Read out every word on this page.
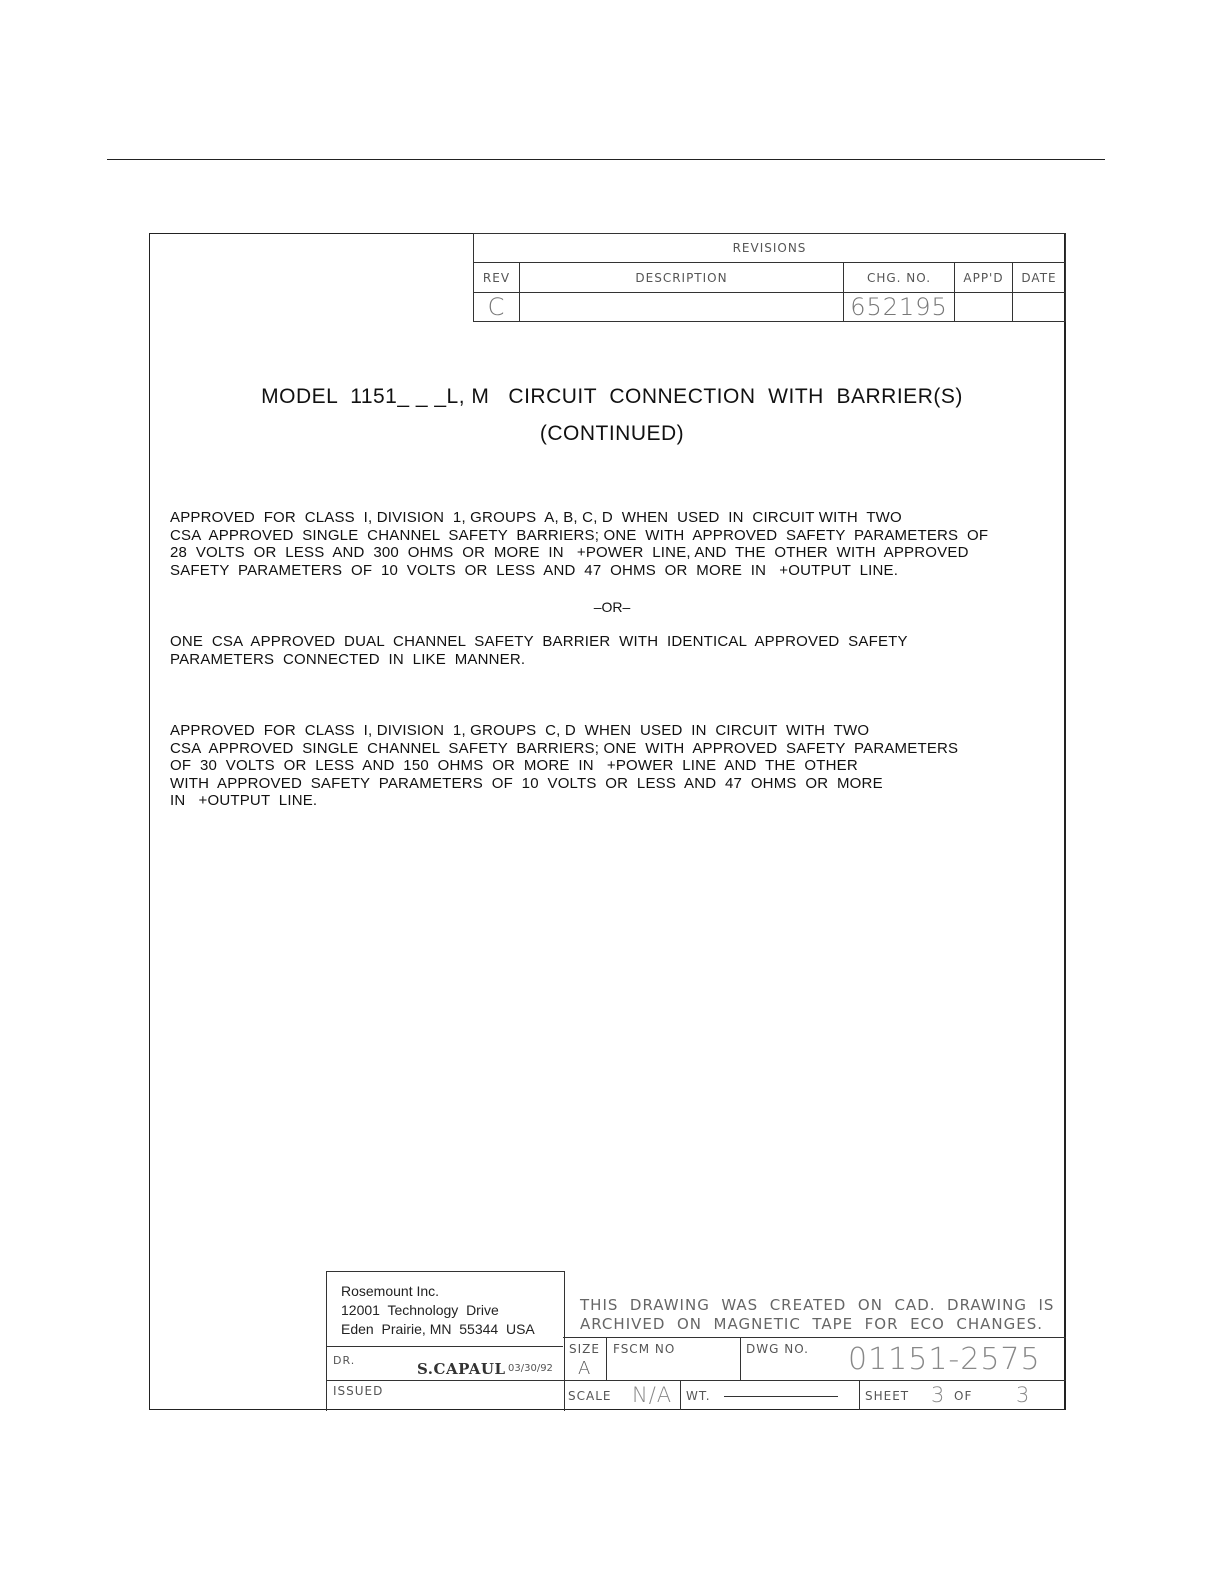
REVISIONS				
REV	DESCRIPTION	CHG. NO.	APP'D	DATE
C		652195		
MODEL  1151_ _ _L, M   CIRCUIT  CONNECTION  WITH  BARRIER(S)
(CONTINUED)
APPROVED  FOR  CLASS  I, DIVISION  1, GROUPS  A, B, C, D  WHEN  USED  IN  CIRCUIT WITH  TWO
CSA  APPROVED  SINGLE  CHANNEL  SAFETY  BARRIERS; ONE  WITH  APPROVED  SAFETY  PARAMETERS  OF
28  VOLTS  OR  LESS  AND  300  OHMS  OR  MORE  IN   +POWER  LINE, AND  THE  OTHER  WITH  APPROVED
SAFETY  PARAMETERS  OF  10  VOLTS  OR  LESS  AND  47  OHMS  OR  MORE  IN   +OUTPUT  LINE.
–OR–
ONE  CSA  APPROVED  DUAL  CHANNEL  SAFETY  BARRIER  WITH  IDENTICAL  APPROVED  SAFETY
PARAMETERS  CONNECTED  IN  LIKE  MANNER.
APPROVED  FOR  CLASS  I, DIVISION  1, GROUPS  C, D  WHEN  USED  IN  CIRCUIT  WITH  TWO
CSA  APPROVED  SINGLE  CHANNEL  SAFETY  BARRIERS; ONE  WITH  APPROVED  SAFETY  PARAMETERS
OF  30  VOLTS  OR  LESS  AND  150  OHMS  OR  MORE  IN   +POWER  LINE  AND  THE  OTHER
WITH  APPROVED  SAFETY  PARAMETERS  OF  10  VOLTS  OR  LESS  AND  47  OHMS  OR  MORE
IN   +OUTPUT  LINE.
Rosemount Inc.
12001  Technology  Drive
Eden  Prairie, MN  55344  USA
THIS  DRAWING  WAS  CREATED  ON  CAD.  DRAWING  IS
ARCHIVED  ON  MAGNETIC  TAPE  FOR  ECO  CHANGES.
DR.	S.CAPAUL 03/30/92
ISSUED
SIZE
A
FSCM NO	DWG NO. 01151-2575
SCALE N/A WT.	SHEET 3 OF 3
